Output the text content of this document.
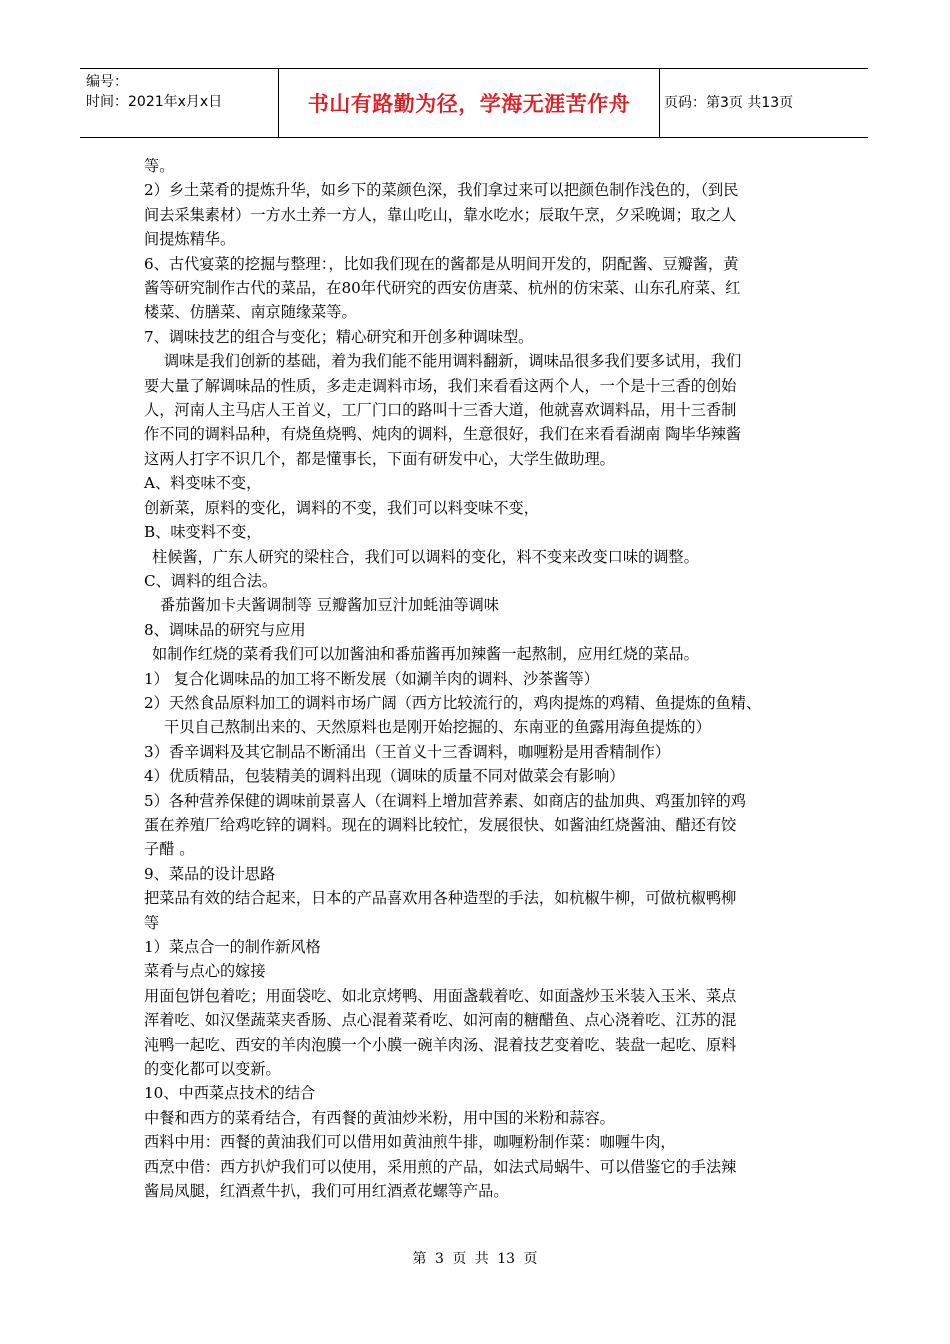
编号：
时间：2021年x月x日	书山有路勤为径，学海无涯苦作舟 页码：第3页 共13页

等。

2）乡土菜肴的提炼升华，如乡下的菜颜色深，我们拿过来可以把颜色制作浅色的，（到民

间去采集素材）一方水土养一方人，靠山吃山，靠水吃水；辰取午烹，夕采晚调；取之人

间提炼精华。

6、古代宴菜的挖掘与整理：，比如我们现在的酱都是从明间开发的，阴配酱、豆瓣酱，黄

酱等研究制作古代的菜品，在80年代研究的西安仿唐菜、杭州的仿宋菜、山东孔府菜、红

楼菜、仿膳菜、南京随缘菜等。

7、调味技艺的组合与变化；精心研究和开创多种调味型。

调味是我们创新的基础，着为我们能不能用调料翻新，调味品很多我们要多试用，我们

要大量了解调味品的性质，多走走调料市场，我们来看看这两个人，一个是十三香的创始

人，河南人主马店人王首义，工厂门口的路叫十三香大道，他就喜欢调料品，用十三香制

作不同的调料品种，有烧鱼烧鸭、炖肉的调料，生意很好，我们在来看看湖南 陶毕华辣酱

这两人打字不识几个，都是懂事长，下面有研发中心，大学生做助理。

A、料变味不变，

创新菜，原料的变化，调料的不变，我们可以料变味不变，

B、味变料不变，

柱候酱，广东人研究的梁柱合，我们可以调料的变化，料不变来改变口味的调整。

C、调料的组合法。

番茄酱加卡夫酱调制等 豆瓣酱加豆汁加蚝油等调味

8、调味品的研究与应用

如制作红烧的菜肴我们可以加酱油和番茄酱再加辣酱一起熬制，应用红烧的菜品。

1） 复合化调味品的加工将不断发展（如涮羊肉的调料、沙茶酱等）

2）天然食品原料加工的调料市场广阔（西方比较流行的，鸡肉提炼的鸡精、鱼提炼的鱼精、

干贝自己熬制出来的、天然原料也是刚开始挖掘的、东南亚的鱼露用海鱼提炼的）

3）香辛调料及其它制品不断涌出（王首义十三香调料，咖喱粉是用香精制作）

4）优质精品，包装精美的调料出现（调味的质量不同对做菜会有影响）

5）各种营养保健的调味前景喜人（在调料上增加营养素、如商店的盐加典、鸡蛋加锌的鸡

蛋在养殖厂给鸡吃锌的调料。现在的调料比较忙，发展很快、如酱油红烧酱油、醋还有饺

子醋 。

9、菜品的设计思路

把菜品有效的结合起来，日本的产品喜欢用各种造型的手法，如杭椒牛柳，可做杭椒鸭柳

等

1）菜点合一的制作新风格

菜肴与点心的嫁接

用面包饼包着吃；用面袋吃、如北京烤鸭、用面盏载着吃、如面盏炒玉米装入玉米、菜点

浑着吃、如汉堡蔬菜夹香肠、点心混着菜肴吃、如河南的糖醋鱼、点心浇着吃、江苏的混

沌鸭一起吃、西安的羊肉泡膜一个小膜一碗羊肉汤、混着技艺变着吃、装盘一起吃、原料

的变化都可以变新。

10、中西菜点技术的结合

中餐和西方的菜肴结合，有西餐的黄油炒米粉，用中国的米粉和蒜容。

西料中用：西餐的黄油我们可以借用如黄油煎牛排，咖喱粉制作菜：咖喱牛肉，

西烹中借：西方扒炉我们可以使用，采用煎的产品，如法式局蜗牛、可以借鉴它的手法辣

酱局凤腿，红酒煮牛扒，我们可用红酒煮花螺等产品。

第 3 页 共 13 页
